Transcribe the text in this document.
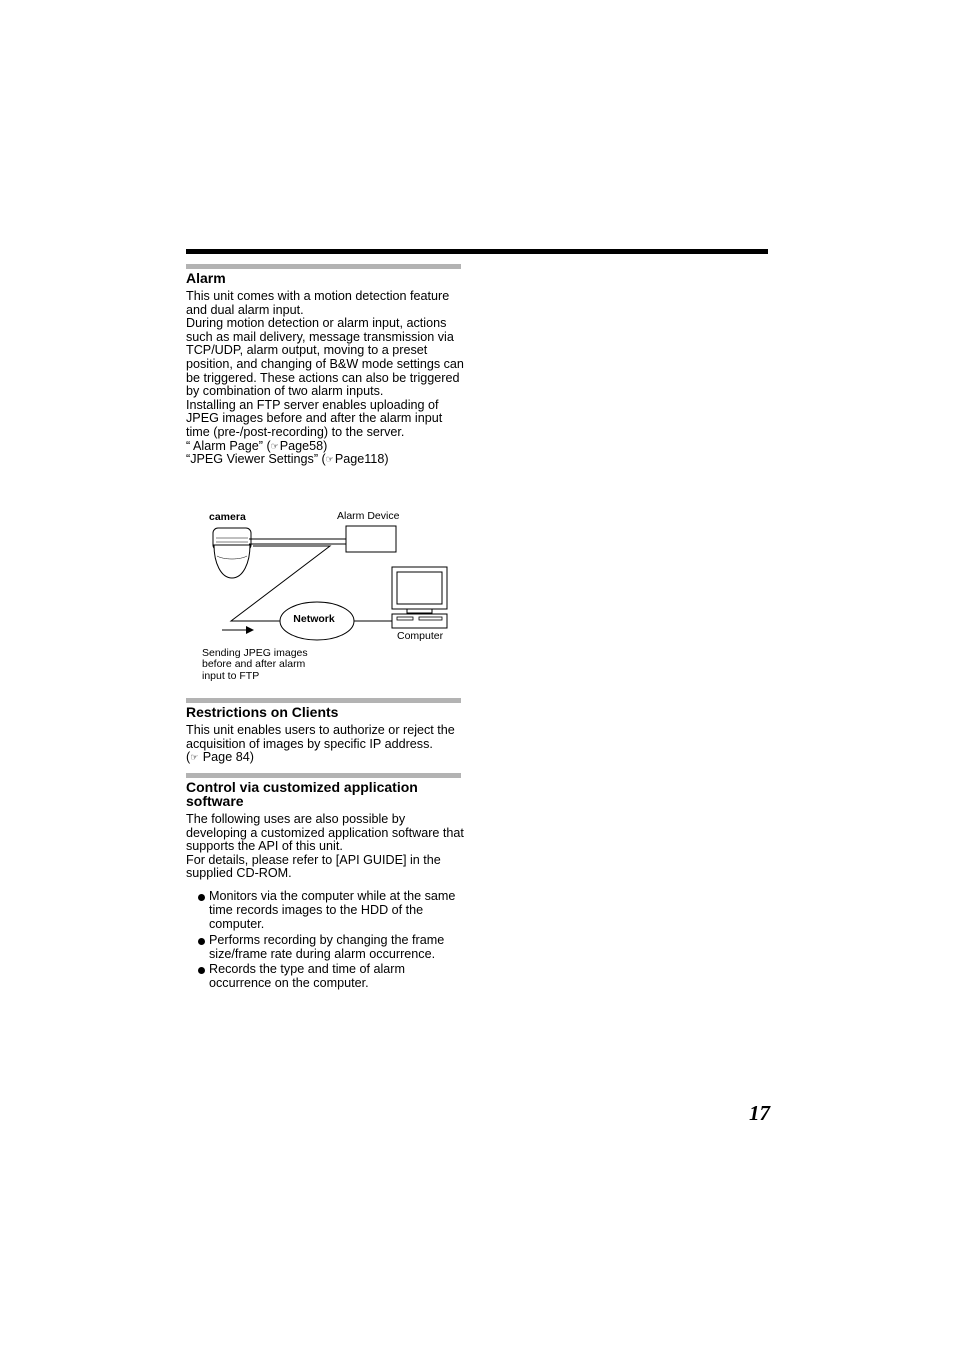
Alarm

This unit comes with a motion detection feature and dual alarm input.

During motion detection or alarm input, actions such as mail delivery, message transmission via TCP/UDP, alarm output, moving to a preset position, and changing of B&W mode settings can be triggered. These actions can also be triggered by combination of two alarm inputs.

Installing an FTP server enables uploading of JPEG images before and after the alarm input time (pre-/post-recording) to the server.

“ Alarm Page” (☞Page58)

“JPEG Viewer Settings” (☞Page118)

camera	Alarm Device
Network
Computer
Sending JPEG images
before and after alarm
input to FTP
Restrictions on Clients

This unit enables users to authorize or reject the acquisition of images by specific IP address.

(☞ Page 84)

Control via customized application
software

The following uses are also possible by developing a customized application software that supports the API of this unit.

For details, please refer to [API GUIDE] in the supplied CD-ROM.

Monitors via the computer while at the same time records images to the HDD of the computer.
Performs recording by changing the frame size/frame rate during alarm occurrence.
Records the type and time of alarm occurrence on the computer.
17
